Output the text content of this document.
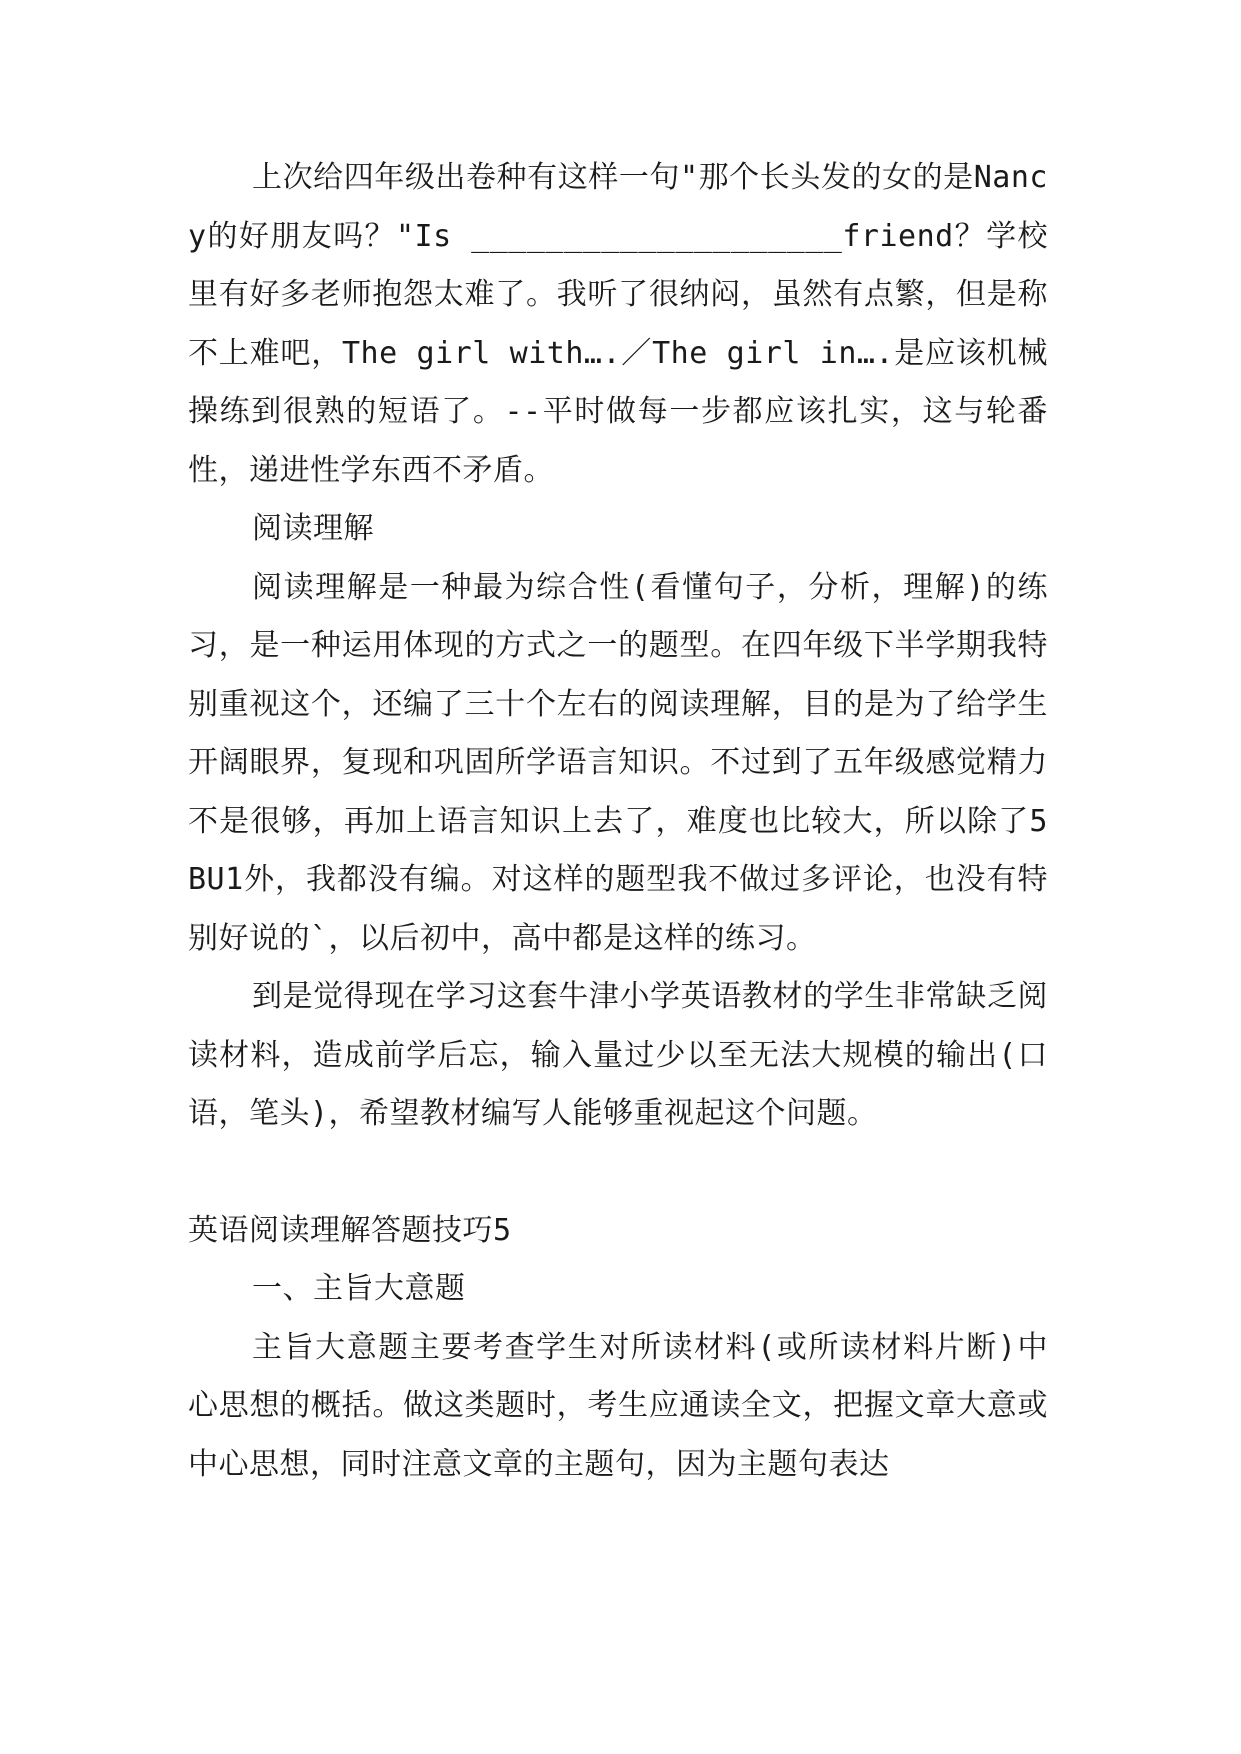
上次给四年级出卷种有这样一句"那个长头发的女的是Nancy的好朋友吗？"Is ____________________friend？学校里有好多老师抱怨太难了。我听了很纳闷，虽然有点繁，但是称不上难吧，The girl with….／The girl in….是应该机械操练到很熟的短语了。--平时做每一步都应该扎实，这与轮番性，递进性学东西不矛盾。

阅读理解

阅读理解是一种最为综合性(看懂句子，分析，理解)的练习，是一种运用体现的方式之一的题型。在四年级下半学期我特别重视这个，还编了三十个左右的阅读理解，目的是为了给学生开阔眼界，复现和巩固所学语言知识。不过到了五年级感觉精力不是很够，再加上语言知识上去了，难度也比较大，所以除了5BU1外，我都没有编。对这样的题型我不做过多评论，也没有特别好说的`，以后初中，高中都是这样的练习。

到是觉得现在学习这套牛津小学英语教材的学生非常缺乏阅读材料，造成前学后忘，输入量过少以至无法大规模的输出(口语，笔头)，希望教材编写人能够重视起这个问题。

英语阅读理解答题技巧5

一、主旨大意题

主旨大意题主要考查学生对所读材料(或所读材料片断)中心思想的概括。做这类题时，考生应通读全文，把握文章大意或中心思想，同时注意文章的主题句，因为主题句表达
